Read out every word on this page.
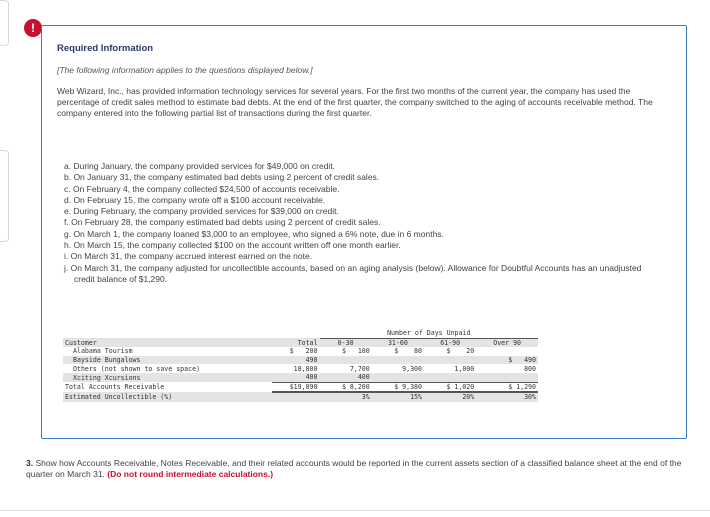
!
Required Information
[The following information applies to the questions displayed below.]
Web Wizard, Inc., has provided information technology services for several years. For the first two months of the current year, the company has used the percentage of credit sales method to estimate bad debts. At the end of the first quarter, the company switched to the aging of accounts receivable method. The company entered into the following partial list of transactions during the first quarter.
a. During January, the company provided services for $49,000 on credit.
b. On January 31, the company estimated bad debts using 2 percent of credit sales.
c. On February 4, the company collected $24,500 of accounts receivable.
d. On February 15, the company wrote off a $100 account receivable.
e. During February, the company provided services for $39,000 on credit.
f. On February 28, the company estimated bad debts using 2 percent of credit sales.
g. On March 1, the company loaned $3,000 to an employee, who signed a 6% note, due in 6 months.
h. On March 15, the company collected $100 on the account written off one month earlier.
i. On March 31, the company accrued interest earned on the note.
j. On March 31, the company adjusted for uncollectible accounts, based on an aging analysis (below). Allowance for Doubtful Accounts has an unadjusted credit balance of $1,290.
		Number of Days Unpaid			
Customer	Total	0-30	31-60	61-90	Over 90
Alabama Tourism	$   200	$   100	$    80	$    20	
Bayside Bungalows	490				$   490
Others (not shown to save space)	18,800	7,700	9,300	1,000	800
Xciting Xcursions	400	400			
Total Accounts Receivable	$19,890	$ 8,200	$ 9,380	$ 1,020	$ 1,290
Estimated Uncollectible (%)		3%	15%	20%	30%
3. Show how Accounts Receivable, Notes Receivable, and their related accounts would be reported in the current assets section of a classified balance sheet at the end of the quarter on March 31. (Do not round intermediate calculations.)
